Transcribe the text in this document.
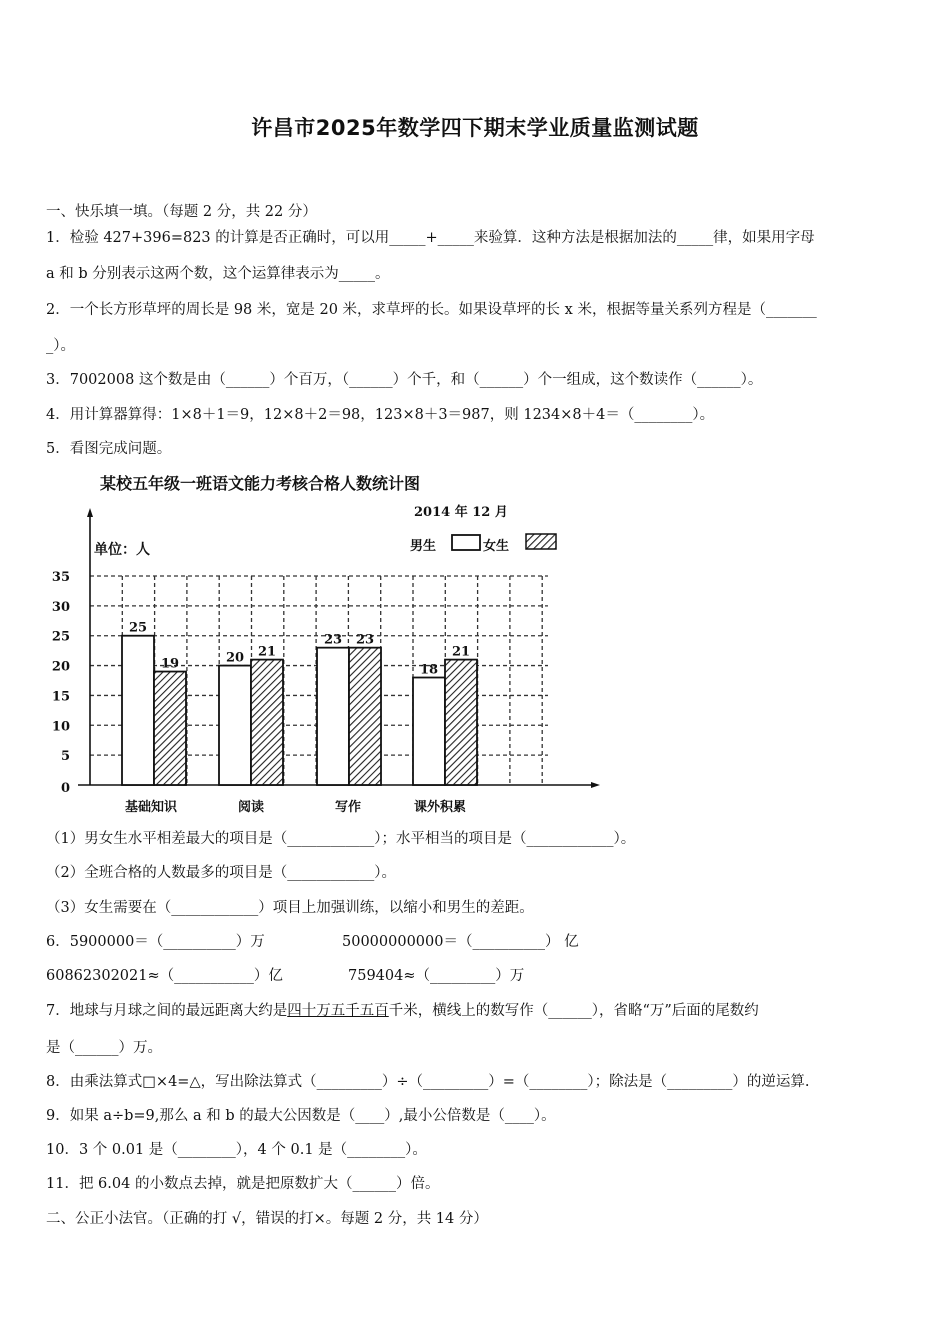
许昌市2025年数学四下期末学业质量监测试题
一、快乐填一填。（每题 2 分，共 22 分）
1．检验 427+396=823 的计算是否正确时，可以用_____+_____来验算．这种方法是根据加法的_____律，如果用字母
a 和 b 分别表示这两个数，这个运算律表示为_____。
2．一个长方形草坪的周长是 98 米，宽是 20 米，求草坪的长。如果设草坪的长 x 米，根据等量关系列方程是（_______
_）。
3．7002008 这个数是由（______）个百万，（______）个千，和（______）个一组成，这个数读作（______）。
4．用计算器算得：1×8＋1＝9，12×8＋2＝98，123×8＋3＝987，则 1234×8＋4＝（________）。
5．看图完成问题。
某校五年级一班语文能力考核合格人数统计图
2014 年 12 月
单位：人	男生	女生
0
5
10
15
20
25
30
35
25
19	20 21
23 23
18
21
基础知识	阅读	写作	课外积累
（1）男女生水平相差最大的项目是（____________）；水平相当的项目是（____________）。
（2）全班合格的人数最多的项目是（____________）。
（3）女生需要在（____________）项目上加强训练，以缩小和男生的差距。
6．5900000＝（__________）万	50000000000＝（__________） 亿
60862302021≈（___________）亿	759404≈（_________）万
7．地球与月球之间的最远距离大约是四十万五千五百千米，横线上的数写作（______），省略“万”后面的尾数约
是（______）万。
8．由乘法算式□×4=△，写出除法算式（_________）÷（_________）=（________）；除法是（_________）的逆运算.
9．如果 a÷b=9,那么 a 和 b 的最大公因数是（____）,最小公倍数是（____）。
10．3 个 0.01 是（________），4 个 0.1 是（________）。
11．把 6.04 的小数点去掉，就是把原数扩大（______）倍。
二、公正小法官。（正确的打 √，错误的打×。每题 2 分，共 14 分）
